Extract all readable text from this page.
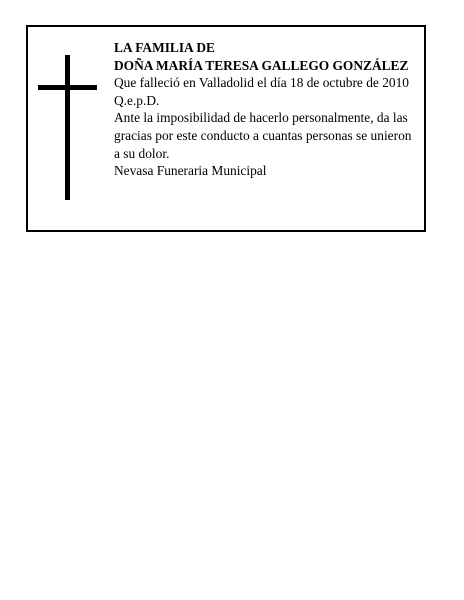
LA FAMILIA DE
DOÑA MARÍA TERESA GALLEGO GONZÁLEZ
Que falleció en Valladolid el día 18 de octubre de 2010
Q.e.p.D.
Ante la imposibilidad de hacerlo personalmente, da las
gracias por este conducto a cuantas personas se unieron
a su dolor.
Nevasa Funeraria Municipal
